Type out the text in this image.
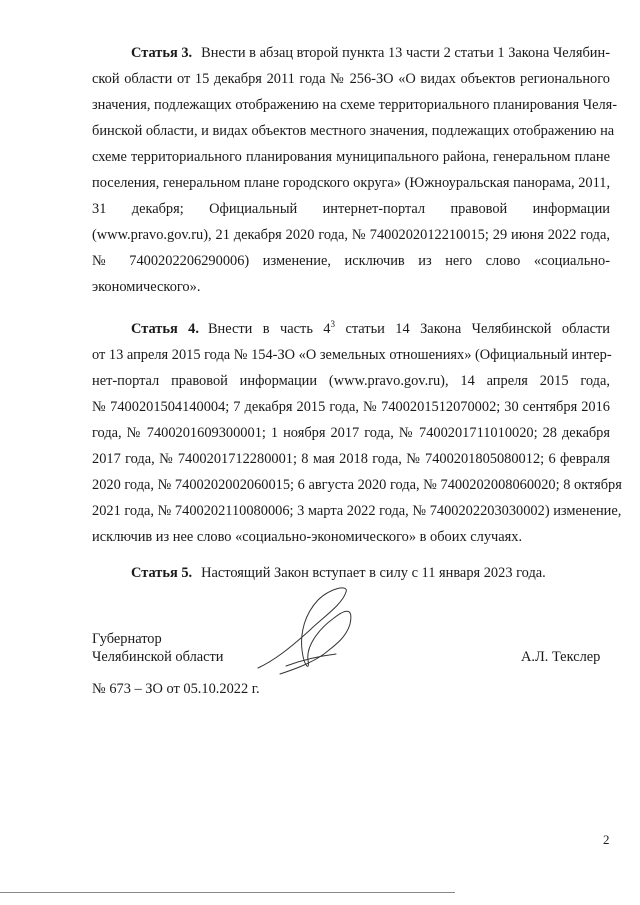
Статья 3. Внести в абзац второй пункта 13 части 2 статьи 1 Закона Челябин-
ской области от 15 декабря 2011 года № 256-ЗО «О видах объектов регионального
значения, подлежащих отображению на схеме территориального планирования Челя-
бинской области, и видах объектов местного значения, подлежащих отображению на
схеме территориального планирования муниципального района, генеральном плане
поселения, генеральном плане городского округа» (Южноуральская панорама, 2011,
31 декабря; Официальный интернет-портал правовой информации
(www.pravo.gov.ru), 21 декабря 2020 года, № 7400202012210015; 29 июня 2022 года,
№ 7400202206290006) изменение, исключив из него слово «социально-
экономического».
Статья 4. Внести в часть $4^3$ статьи 14 Закона Челябинской области
от 13 апреля 2015 года № 154-ЗО «О земельных отношениях» (Официальный интер-
нет-портал правовой информации (www.pravo.gov.ru), 14 апреля 2015 года,
№ 7400201504140004; 7 декабря 2015 года, № 7400201512070002; 30 сентября 2016
года, № 7400201609300001; 1 ноября 2017 года, № 7400201711010020; 28 декабря
2017 года, № 7400201712280001; 8 мая 2018 года, № 7400201805080012; 6 февраля
2020 года, № 7400202002060015; 6 августа 2020 года, № 7400202008060020; 8 октября
2021 года, № 7400202110080006; 3 марта 2022 года, № 7400202203030002) изменение,
исключив из нее слово «социально-экономического» в обоих случаях.
Статья 5. Настоящий Закон вступает в силу с 11 января 2023 года.
Губернатор
Челябинской области	А.Л. Текслер
№ 673 – ЗО от 05.10.2022 г.
2
